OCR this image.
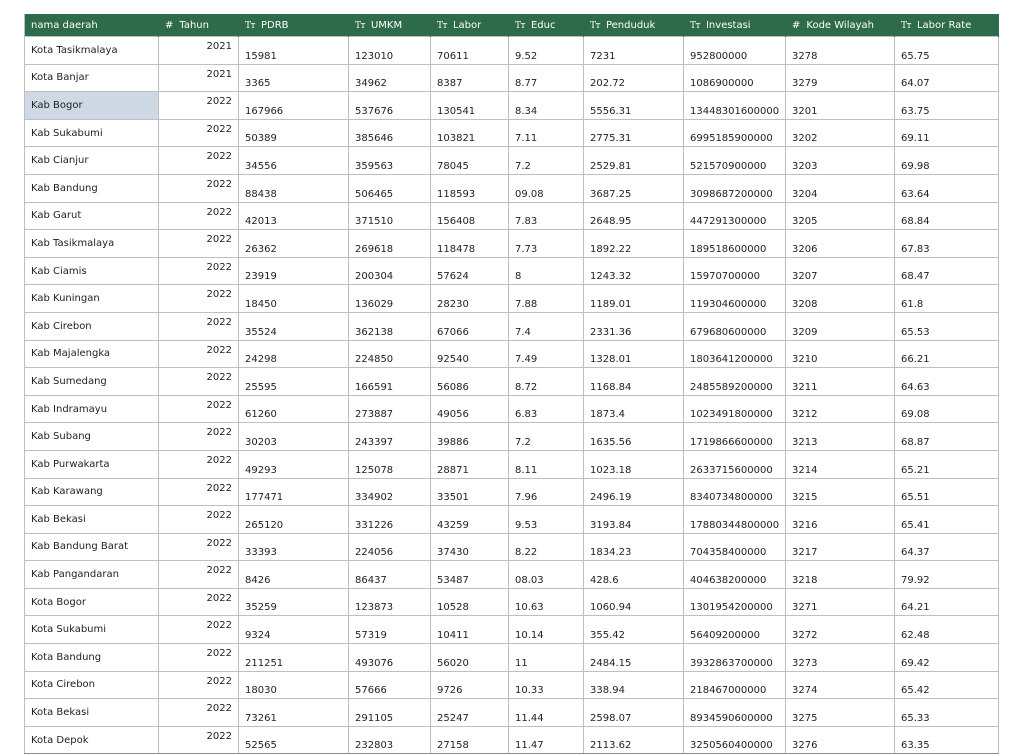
nama daerah	# Tahun	Tт PDRB	Tт UMKM	Tт Labor	Tт Educ	Tт Penduduk	Tт Investasi	# Kode Wilayah	Tт Labor Rate
Kota Tasikmalaya	2021	15981	123010	70611	9.52	7231	952800000	3278	65.75
Kota Banjar	2021	3365	34962	8387	8.77	202.72	1086900000	3279	64.07
Kab Bogor	2022	167966	537676	130541	8.34	5556.31	13448301600000	3201	63.75
Kab Sukabumi	2022	50389	385646	103821	7.11	2775.31	6995185900000	3202	69.11
Kab Cianjur	2022	34556	359563	78045	7.2	2529.81	521570900000	3203	69.98
Kab Bandung	2022	88438	506465	118593	09.08	3687.25	3098687200000	3204	63.64
Kab Garut	2022	42013	371510	156408	7.83	2648.95	447291300000	3205	68.84
Kab Tasikmalaya	2022	26362	269618	118478	7.73	1892.22	189518600000	3206	67.83
Kab Ciamis	2022	23919	200304	57624	8	1243.32	15970700000	3207	68.47
Kab Kuningan	2022	18450	136029	28230	7.88	1189.01	119304600000	3208	61.8
Kab Cirebon	2022	35524	362138	67066	7.4	2331.36	679680600000	3209	65.53
Kab Majalengka	2022	24298	224850	92540	7.49	1328.01	1803641200000	3210	66.21
Kab Sumedang	2022	25595	166591	56086	8.72	1168.84	2485589200000	3211	64.63
Kab Indramayu	2022	61260	273887	49056	6.83	1873.4	1023491800000	3212	69.08
Kab Subang	2022	30203	243397	39886	7.2	1635.56	1719866600000	3213	68.87
Kab Purwakarta	2022	49293	125078	28871	8.11	1023.18	2633715600000	3214	65.21
Kab Karawang	2022	177471	334902	33501	7.96	2496.19	8340734800000	3215	65.51
Kab Bekasi	2022	265120	331226	43259	9.53	3193.84	17880344800000	3216	65.41
Kab Bandung Barat	2022	33393	224056	37430	8.22	1834.23	704358400000	3217	64.37
Kab Pangandaran	2022	8426	86437	53487	08.03	428.6	404638200000	3218	79.92
Kota Bogor	2022	35259	123873	10528	10.63	1060.94	1301954200000	3271	64.21
Kota Sukabumi	2022	9324	57319	10411	10.14	355.42	56409200000	3272	62.48
Kota Bandung	2022	211251	493076	56020	11	2484.15	3932863700000	3273	69.42
Kota Cirebon	2022	18030	57666	9726	10.33	338.94	218467000000	3274	65.42
Kota Bekasi	2022	73261	291105	25247	11.44	2598.07	8934590600000	3275	65.33
Kota Depok	2022	52565	232803	27158	11.47	2113.62	3250560400000	3276	63.35
